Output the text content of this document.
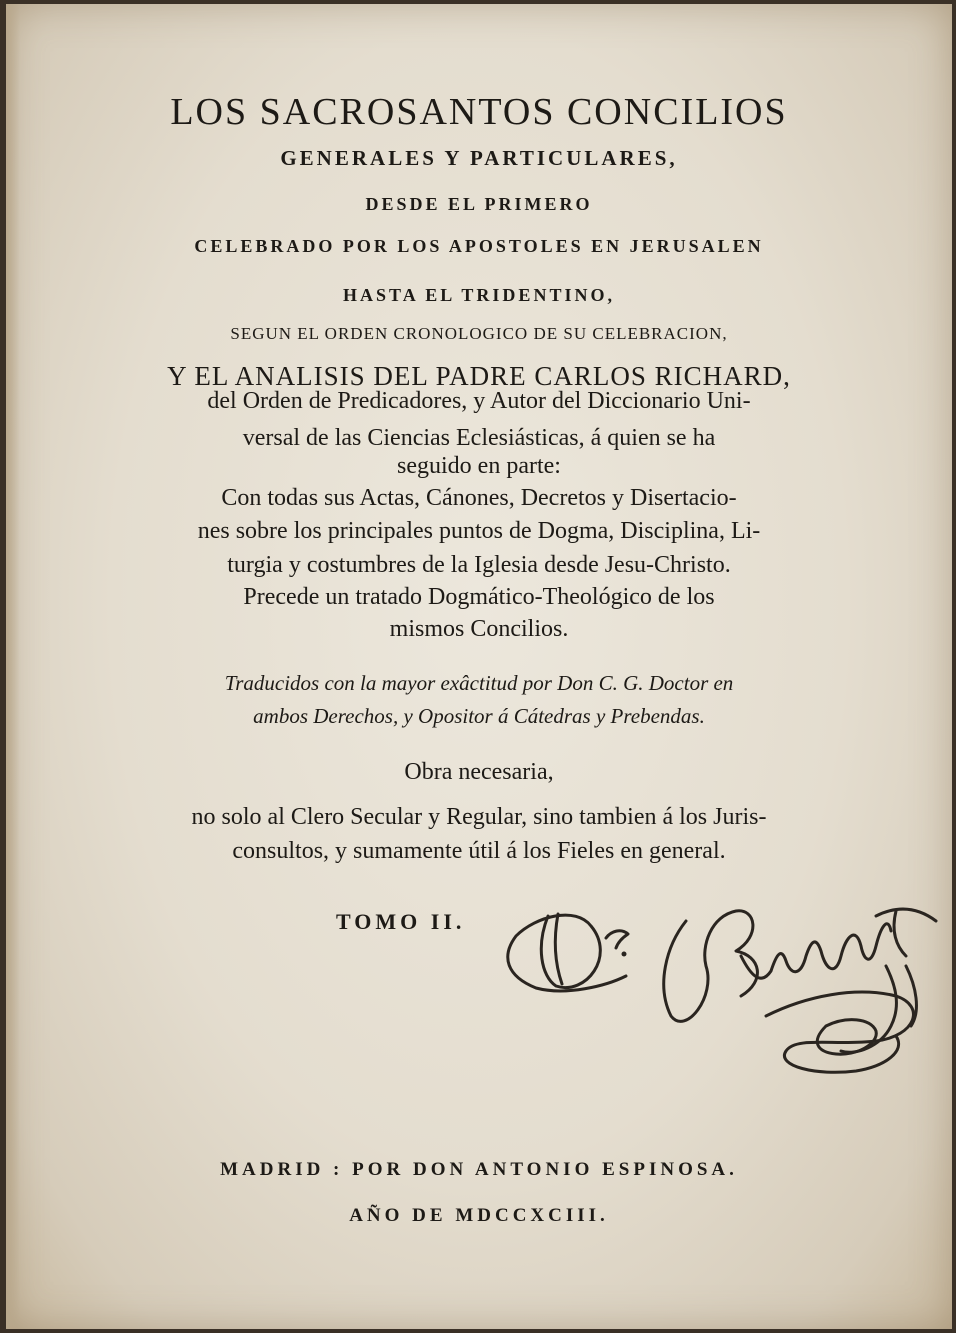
LOS SACROSANTOS CONCILIOS
GENERALES Y PARTICULARES,
DESDE EL PRIMERO
CELEBRADO POR LOS APOSTOLES EN JERUSALEN
HASTA EL TRIDENTINO,
SEGUN EL ORDEN CRONOLOGICO DE SU CELEBRACION,
Y EL ANALISIS DEL PADRE CARLOS RICHARD,
del Orden de Predicadores, y Autor del Diccionario Uni-
versal de las Ciencias Eclesiásticas, á quien se ha
seguido en parte:
Con todas sus Actas, Cánones, Decretos y Disertacio-
nes sobre los principales puntos de Dogma, Disciplina, Li-
turgia y costumbres de la Iglesia desde Jesu-Christo.
Precede un tratado Dogmático-Theológico de los
mismos Concilios.
Traducidos con la mayor exâctitud por Don C. G. Doctor en
ambos Derechos, y Opositor á Cátedras y Prebendas.
Obra necesaria,
no solo al Clero Secular y Regular, sino tambien á los Juris-
consultos, y sumamente útil á los Fieles en general.
TOMO II.
MADRID : POR DON ANTONIO ESPINOSA.
AÑO DE MDCCXCIII.
